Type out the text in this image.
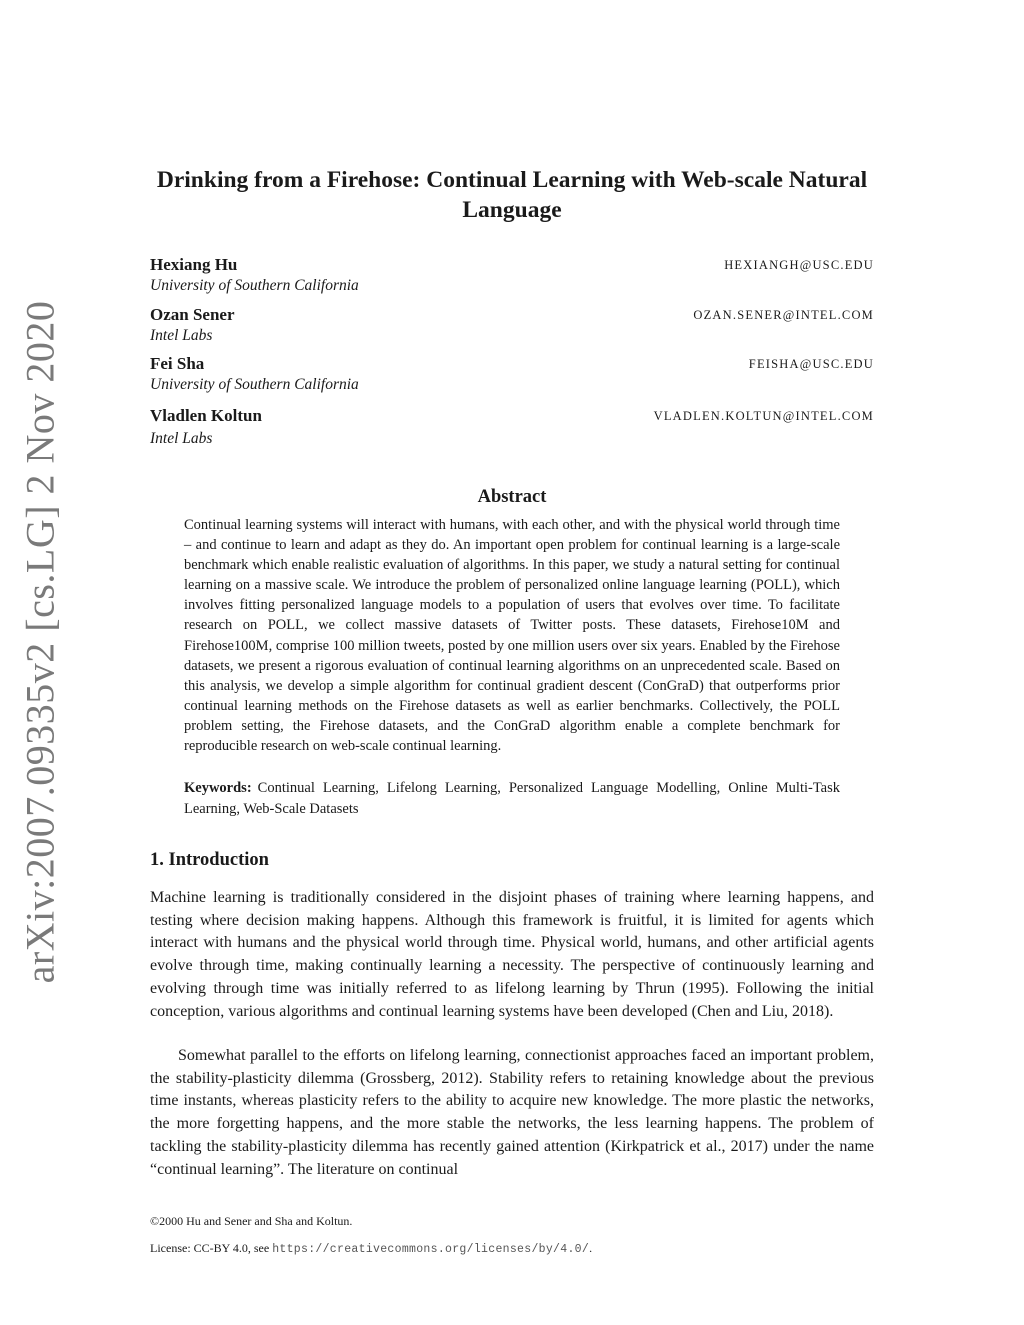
arXiv:2007.09335v2 [cs.LG] 2 Nov 2020
Drinking from a Firehose: Continual Learning with Web-scale Natural Language
Hexiang Hu	HEXIANGH@USC.EDU
University of Southern California
Ozan Sener	OZAN.SENER@INTEL.COM
Intel Labs
Fei Sha	FEISHA@USC.EDU
University of Southern California
Vladlen Koltun	VLADLEN.KOLTUN@INTEL.COM
Intel Labs
Abstract
Continual learning systems will interact with humans, with each other, and with the physical world through time – and continue to learn and adapt as they do. An important open problem for continual learning is a large-scale benchmark which enable realistic evaluation of algorithms. In this paper, we study a natural setting for continual learning on a massive scale. We introduce the problem of personalized online language learning (POLL), which involves fitting personalized language models to a population of users that evolves over time. To facilitate research on POLL, we collect massive datasets of Twitter posts. These datasets, Firehose10M and Firehose100M, comprise 100 million tweets, posted by one million users over six years. Enabled by the Firehose datasets, we present a rigorous evaluation of continual learning algorithms on an unprecedented scale. Based on this analysis, we develop a simple algorithm for continual gradient descent (ConGraD) that outperforms prior continual learning methods on the Firehose datasets as well as earlier benchmarks. Collectively, the POLL problem setting, the Firehose datasets, and the ConGraD algorithm enable a complete benchmark for reproducible research on web-scale continual learning.
Keywords: Continual Learning, Lifelong Learning, Personalized Language Modelling, Online Multi-Task Learning, Web-Scale Datasets
1. Introduction
Machine learning is traditionally considered in the disjoint phases of training where learning happens, and testing where decision making happens. Although this framework is fruitful, it is limited for agents which interact with humans and the physical world through time. Physical world, humans, and other artificial agents evolve through time, making continually learning a necessity. The perspective of continuously learning and evolving through time was initially referred to as lifelong learning by Thrun (1995). Following the initial conception, various algorithms and continual learning systems have been developed (Chen and Liu, 2018).
Somewhat parallel to the efforts on lifelong learning, connectionist approaches faced an important problem, the stability-plasticity dilemma (Grossberg, 2012). Stability refers to retaining knowledge about the previous time instants, whereas plasticity refers to the ability to acquire new knowledge. The more plastic the networks, the more forgetting happens, and the more stable the networks, the less learning happens. The problem of tackling the stability-plasticity dilemma has recently gained attention (Kirkpatrick et al., 2017) under the name “continual learning”. The literature on continual
©2000 Hu and Sener and Sha and Koltun.
License: CC-BY 4.0, see https://creativecommons.org/licenses/by/4.0/.
